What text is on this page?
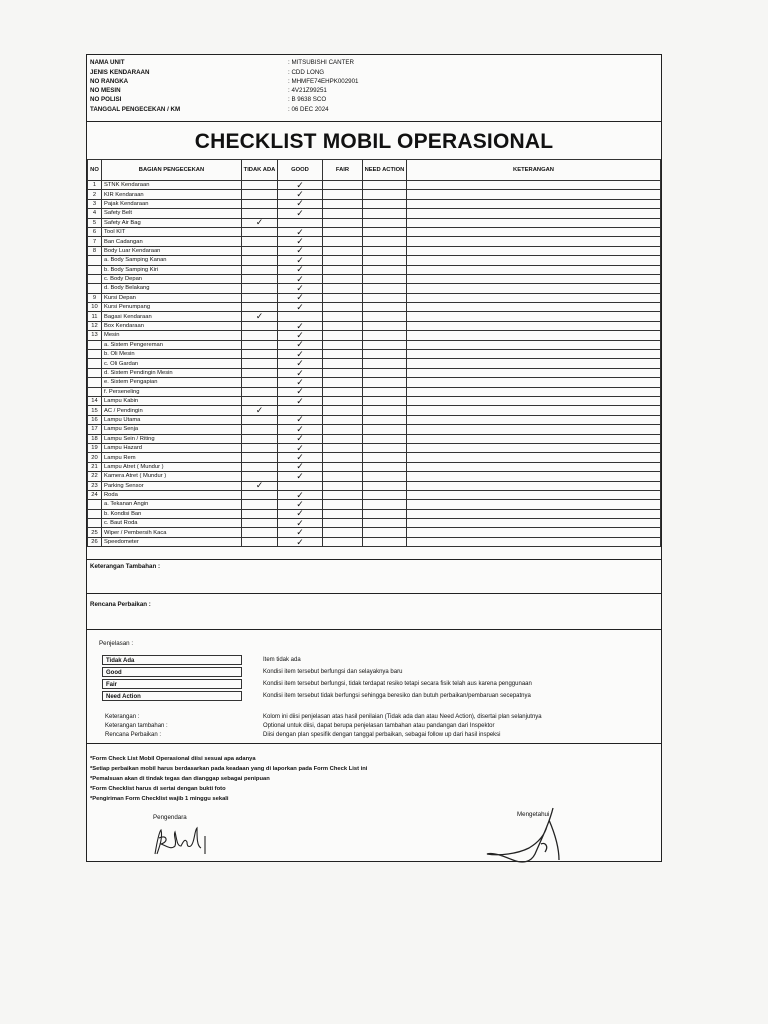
NAMA UNIT	: MITSUBISHI CANTER
JENIS KENDARAAN	: CDD LONG
NO RANGKA	: MHMFE74EHPK002901
NO MESIN	: 4V21Z99251
NO POLISI	: B 9638 SCO
TANGGAL PENGECEKAN / KM	: 06 DEC 2024
CHECKLIST MOBIL OPERASIONAL
NO	BAGIAN PENGECEKAN	TIDAK ADA	GOOD	FAIR	NEED ACTION	KETERANGAN
1	STNK Kendaraan		✓			

2	KIR Kendaraan		✓			

3	Pajak Kendaraan		✓			

4	Safety Belt		✓			

5	Safety Air Bag	✓				

6	Tool KIT		✓			

7	Ban Cadangan		✓			

8	Body Luar Kendaraan		✓			

	a. Body Samping Kanan		✓			

	b. Body Samping Kiri		✓			

	c. Body Depan		✓			

	d. Body Belakang		✓			

9	Kursi Depan		✓			

10	Kursi Penumpang		✓			

11	Bagasi Kendaraan	✓				

12	Box Kendaraan		✓			

13	Mesin		✓			

	a. Sistem Pengereman		✓			

	b. Oli Mesin		✓			

	c. Oli Gardan		✓			

	d. Sistem Pendingin Mesin		✓			

	e. Sistem Pengapian		✓			

	f. Perseneling		✓			

14	Lampu Kabin		✓			

15	AC / Pendingin	✓				

16	Lampu Utama		✓			

17	Lampu Senja		✓			

18	Lampu Sein / Riting		✓			

19	Lampu Hazard		✓			

20	Lampu Rem		✓			

21	Lampu Atret ( Mundur )		✓			

22	Kamera Atret ( Mundur )		✓			

23	Parking Sensor	✓				

24	Roda		✓			

	a. Tekanan Angin		✓			

	b. Kondisi Ban		✓			

	c. Baut Roda		✓			

25	Wiper / Pembersih Kaca		✓			

26	Speedometer		✓			

Keterangan Tambahan :
Rencana Perbaikan :
Penjelasan :
Tidak Ada	Item tidak ada
Good	Kondisi item tersebut berfungsi dan selayaknya baru
Fair	Kondisi item tersebut berfungsi, tidak terdapat resiko tetapi secara fisik telah aus karena penggunaan
Need Action	Kondisi item tersebut tidak berfungsi sehingga beresiko dan butuh perbaikan/pembaruan secepatnya
Keterangan :	Kolom ini diisi penjelasan atas hasil penilaian (Tidak ada dan atau Need Action), disertai plan selanjutnya
Keterangan tambahan :	Optional untuk diisi, dapat berupa penjelasan tambahan atau pandangan dari Inspektor
Rencana Perbaikan :	Diisi dengan plan spesifik dengan tanggal perbaikan, sebagai follow up dari hasil inspeksi
*Form Check List Mobil Operasional diisi sesuai apa adanya
*Setiap perbaikan mobil harus berdasarkan pada keadaan yang di laporkan pada Form Check List ini
*Pemalsuan akan di tindak tegas dan dianggap sebagai penipuan
*Form Checklist harus di sertai dengan bukti foto
*Pengiriman Form Checklist wajib 1 minggu sekali
Pengendara	Mengetahui
